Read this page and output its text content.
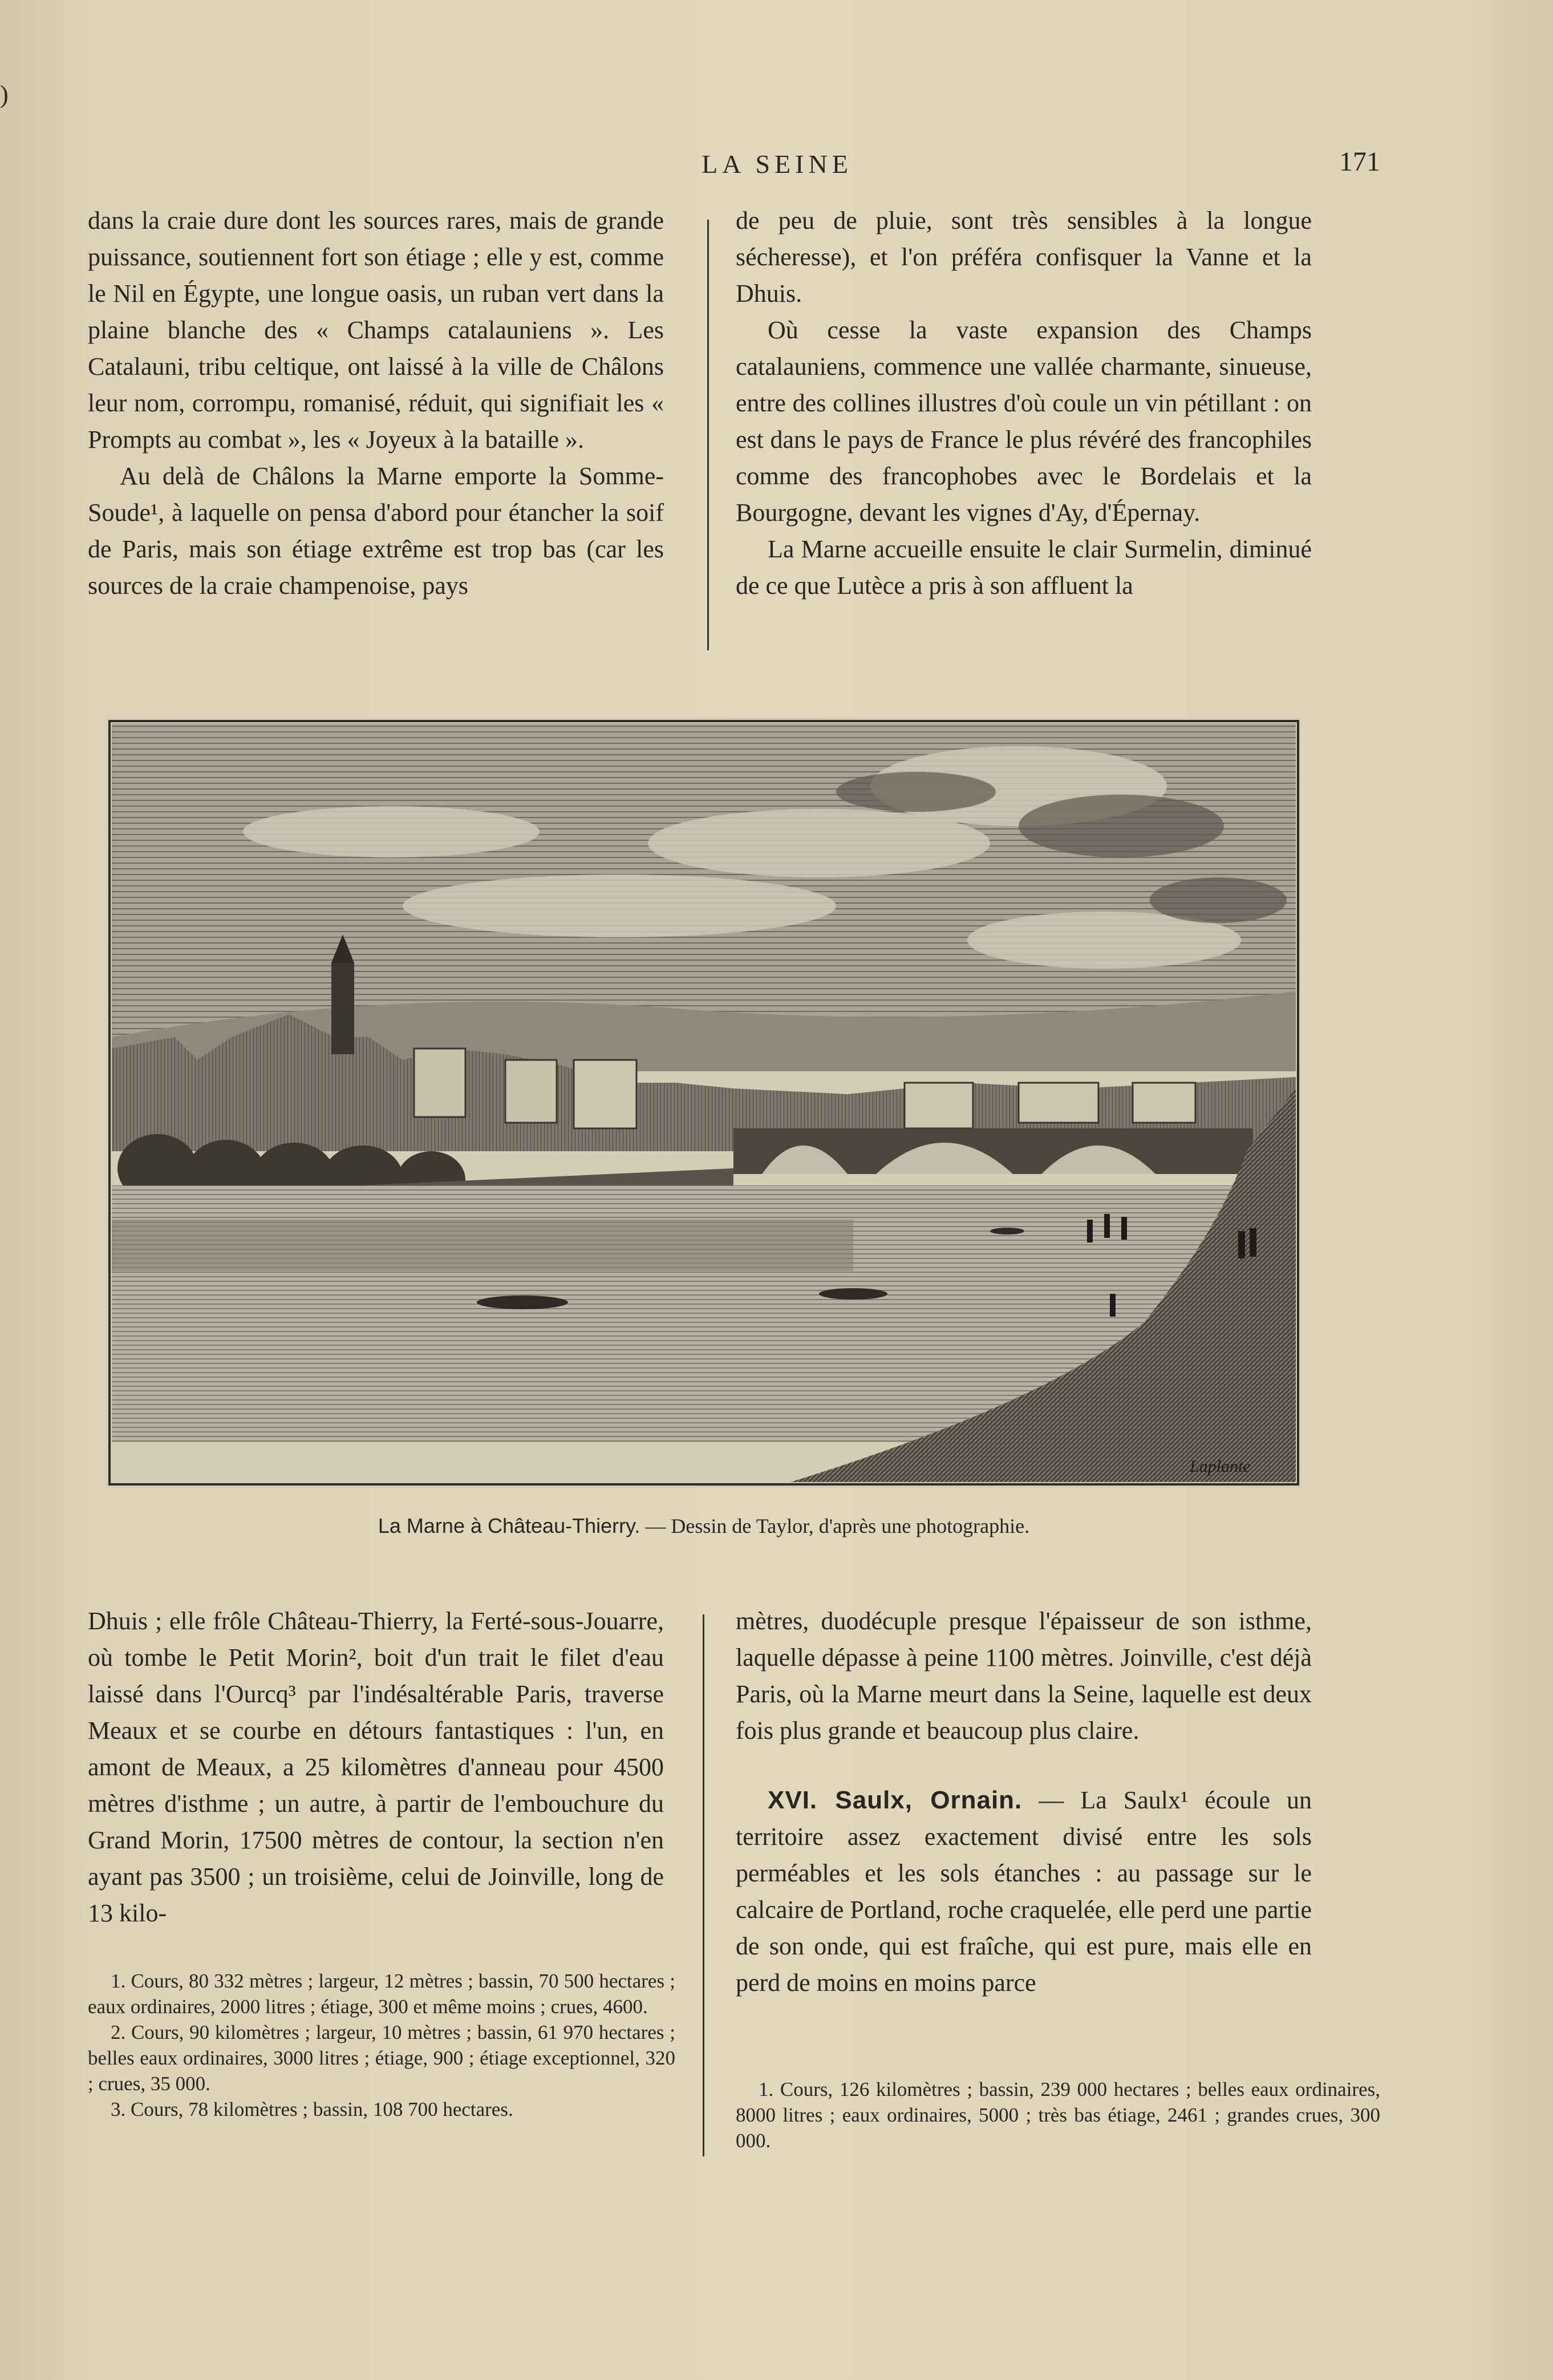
)
LA SEINE	171

dans la craie dure dont les sources rares, mais de grande puissance, soutiennent fort son étiage ; elle y est, comme le Nil en Égypte, une longue oasis, un ruban vert dans la plaine blanche des « Champs catalauniens ». Les Catalauni, tribu celtique, ont laissé à la ville de Châlons leur nom, corrompu, romanisé, réduit, qui signifiait les « Prompts au combat », les « Joyeux à la bataille ».

Au delà de Châlons la Marne emporte la Somme-Soude¹, à laquelle on pensa d'abord pour étancher la soif de Paris, mais son étiage extrême est trop bas (car les sources de la craie champenoise, pays

de peu de pluie, sont très sensibles à la longue sécheresse), et l'on préféra confisquer la Vanne et la Dhuis.

Où cesse la vaste expansion des Champs catalauniens, commence une vallée charmante, sinueuse, entre des collines illustres d'où coule un vin pétillant : on est dans le pays de France le plus révéré des francophiles comme des francophobes avec le Bordelais et la Bourgogne, devant les vignes d'Ay, d'Épernay.

La Marne accueille ensuite le clair Surmelin, diminué de ce que Lutèce a pris à son affluent la

Laplante
La Marne à Château-Thierry. — Dessin de Taylor, d'après une photographie.

Dhuis ; elle frôle Château-Thierry, la Ferté-sous-Jouarre, où tombe le Petit Morin², boit d'un trait le filet d'eau laissé dans l'Ourcq³ par l'indésaltérable Paris, traverse Meaux et se courbe en détours fantastiques : l'un, en amont de Meaux, a 25 kilomètres d'anneau pour 4500 mètres d'isthme ; un autre, à partir de l'embouchure du Grand Morin, 17500 mètres de contour, la section n'en ayant pas 3500 ; un troisième, celui de Joinville, long de 13 kilo-

1. Cours, 80 332 mètres ; largeur, 12 mètres ; bassin, 70 500 hectares ; eaux ordinaires, 2000 litres ; étiage, 300 et même moins ; crues, 4600.

2. Cours, 90 kilomètres ; largeur, 10 mètres ; bassin, 61 970 hectares ; belles eaux ordinaires, 3000 litres ; étiage, 900 ; étiage exceptionnel, 320 ; crues, 35 000.

3. Cours, 78 kilomètres ; bassin, 108 700 hectares.

mètres, duodécuple presque l'épaisseur de son isthme, laquelle dépasse à peine 1100 mètres. Joinville, c'est déjà Paris, où la Marne meurt dans la Seine, laquelle est deux fois plus grande et beaucoup plus claire.

XVI. Saulx, Ornain. — La Saulx¹ écoule un territoire assez exactement divisé entre les sols perméables et les sols étanches : au passage sur le calcaire de Portland, roche craquelée, elle perd une partie de son onde, qui est fraîche, qui est pure, mais elle en perd de moins en moins parce

1. Cours, 126 kilomètres ; bassin, 239 000 hectares ; belles eaux ordinaires, 8000 litres ; eaux ordinaires, 5000 ; très bas étiage, 2461 ; grandes crues, 300 000.
